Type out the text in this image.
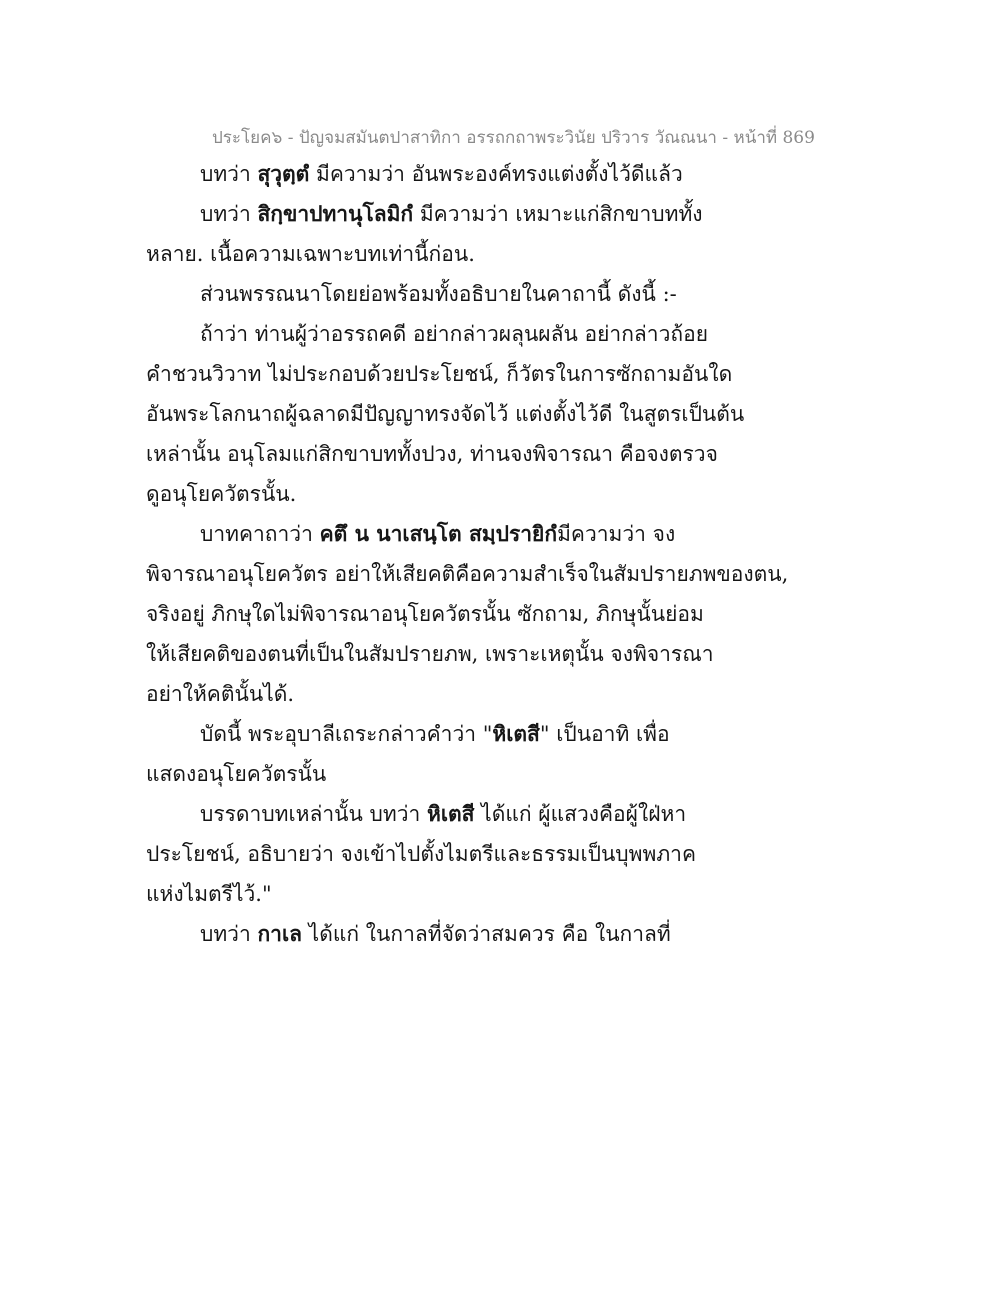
ประโยค๖ - ปัญจมสมันตปาสาทิกา อรรถกถาพระวินัย ปริวาร วัณณนา - หน้าที่ 869
บทว่า สุวุตฺตํ มีความว่า อันพระองค์ทรงแต่งตั้งไว้ดีแล้ว
บทว่า สิกฺขาปทานุโลมิกํ มีความว่า เหมาะแก่สิกขาบททั้ง
หลาย. เนื้อความเฉพาะบทเท่านี้ก่อน.
ส่วนพรรณนาโดยย่อพร้อมทั้งอธิบายในคาถานี้ ดังนี้ :-
ถ้าว่า ท่านผู้ว่าอรรถคดี อย่ากล่าวผลุนผลัน อย่ากล่าวถ้อย
คำชวนวิวาท ไม่ประกอบด้วยประโยชน์, ก็วัตรในการซักถามอันใด
อันพระโลกนาถผู้ฉลาดมีปัญญาทรงจัดไว้ แต่งตั้งไว้ดี ในสูตรเป็นต้น
เหล่านั้น อนุโลมแก่สิกขาบททั้งปวง, ท่านจงพิจารณา คือจงตรวจ
ดูอนุโยควัตรนั้น.
บาทคาถาว่า คตึ น นาเสนฺโต สมฺปรายิกํมีความว่า จง
พิจารณาอนุโยควัตร อย่าให้เสียคติคือความสำเร็จในสัมปรายภพของตน,
จริงอยู่ ภิกษุใดไม่พิจารณาอนุโยควัตรนั้น ซักถาม, ภิกษุนั้นย่อม
ให้เสียคติของตนที่เป็นในสัมปรายภพ, เพราะเหตุนั้น จงพิจารณา
อย่าให้คตินั้นได้.
บัดนี้ พระอุบาลีเถระกล่าวคำว่า "หิเตสี" เป็นอาทิ เพื่อ
แสดงอนุโยควัตรนั้น
บรรดาบทเหล่านั้น บทว่า หิเตสี ได้แก่ ผู้แสวงคือผู้ใฝ่หา
ประโยชน์, อธิบายว่า จงเข้าไปตั้งไมตรีและธรรมเป็นบุพพภาค
แห่งไมตรีไว้."
บทว่า กาเล ได้แก่ ในกาลที่จัดว่าสมควร คือ ในกาลที่
